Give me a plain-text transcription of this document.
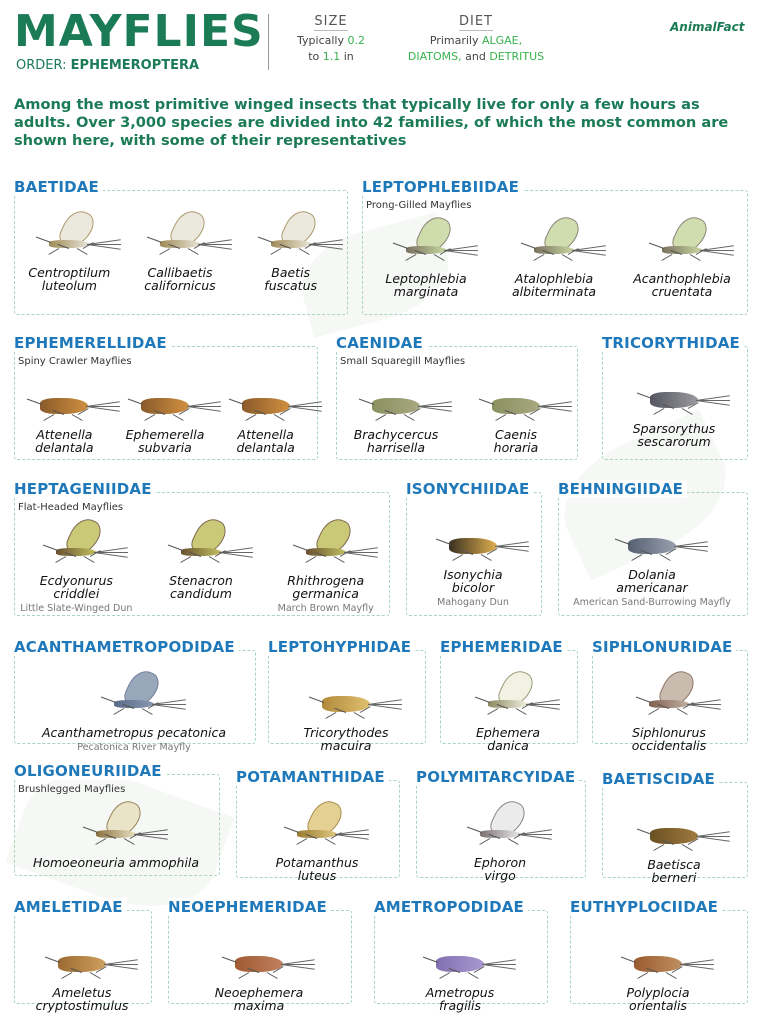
MAYFLIES
ORDER: EPHEMEROPTERA
SIZE
Typically 0.2
to 1.1 in
DIET
Primarily ALGAE,
DIATOMS, and DETRITUS
AnimalFact
Among the most primitive winged insects that typically live for only a few hours as adults. Over 3,000 species are divided into 42 families, of which the most common are shown here, with some of their representatives
BAETIDAE
Centroptilum
luteolum
Callibaetis
californicus
Baetis
fuscatus
LEPTOPHLEBIIDAE
Prong-Gilled Mayflies
Leptophlebia
marginata
Atalophlebia
albiterminata
Acanthophlebia
cruentata
EPHEMERELLIDAE
Spiny Crawler Mayflies
Attenella
delantala
Ephemerella
subvaria
Attenella
delantala
CAENIDAE
Small Squaregill Mayflies
Brachycercus
harrisella
Caenis
horaria
TRICORYTHIDAE
Sparsorythus
sescarorum
HEPTAGENIIDAE
Flat-Headed Mayflies
Ecdyonurus
criddlei
Little Slate-Winged Dun
Stenacron
candidum
Rhithrogena
germanica
March Brown Mayfly
ISONYCHIIDAE
Isonychia
bicolor
Mahogany Dun
BEHNINGIIDAE
Dolania
americanar
American Sand-Burrowing Mayfly
ACANTHAMETROPODIDAE
Acanthametropus pecatonica
Pecatonica River Mayfly
LEPTOHYPHIDAE
Tricorythodes
macuira
EPHEMERIDAE
Ephemera
danica
SIPHLONURIDAE
Siphlonurus
occidentalis
OLIGONEURIIDAE
Brushlegged Mayflies
Homoeoneuria ammophila
POTAMANTHIDAE
Potamanthus
luteus
POLYMITARCYIDAE
Ephoron
virgo
BAETISCIDAE
Baetisca
berneri
AMELETIDAE
Ameletus
cryptostimulus
NEOEPHEMERIDAE
Neoephemera
maxima
AMETROPODIDAE
Ametropus
fragilis
EUTHYPLOCIIDAE
Polyplocia
orientalis
